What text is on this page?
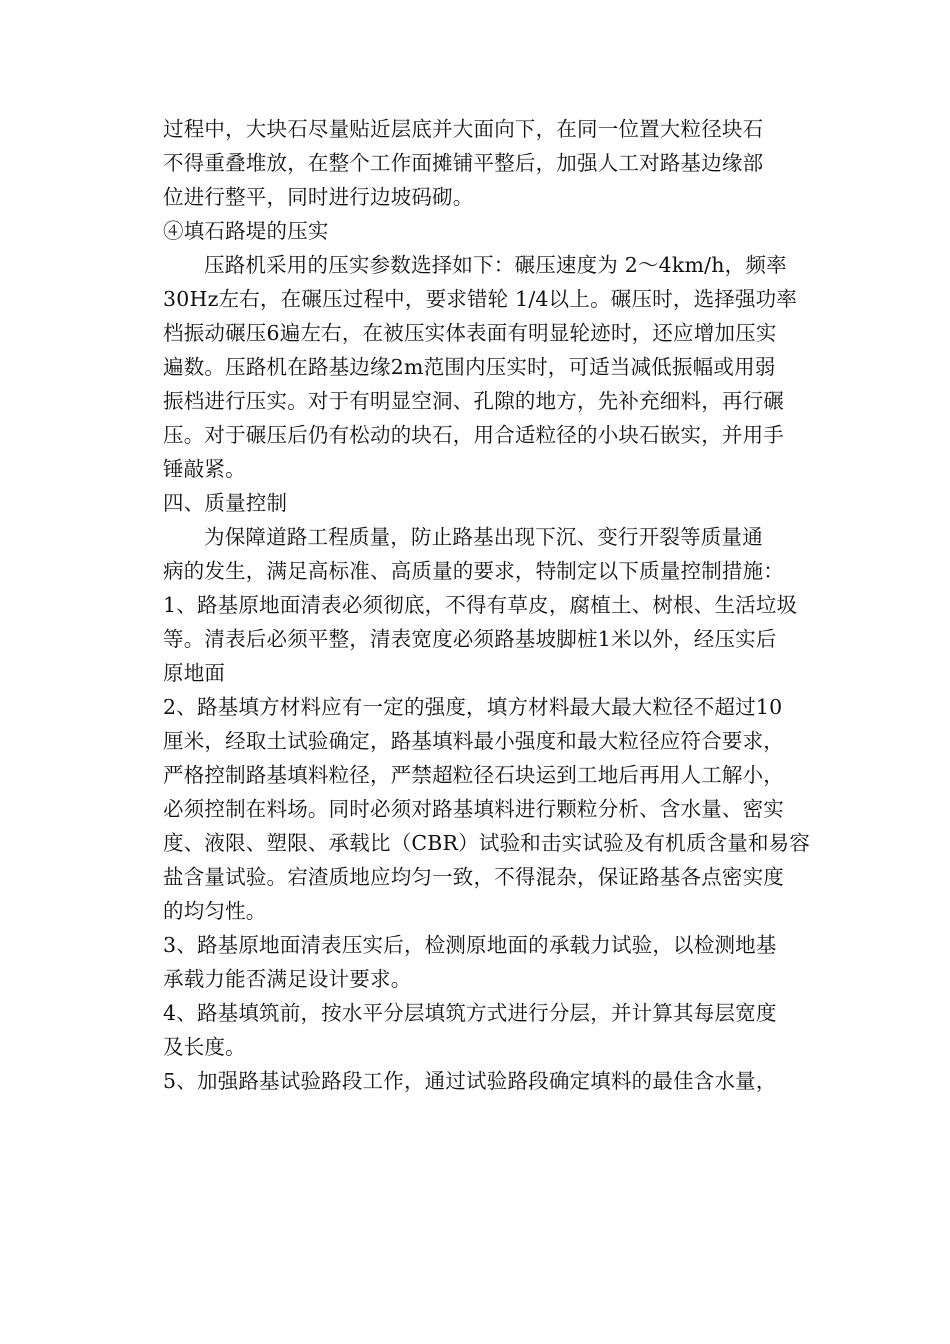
过程中，大块石尽量贴近层底并大面向下，在同一位置大粒径块石
不得重叠堆放，在整个工作面摊铺平整后，加强人工对路基边缘部
位进行整平，同时进行边坡码砌。
④填石路堤的压实
压路机采用的压实参数选择如下：碾压速度为 2～4km/h，频率
30Hz左右，在碾压过程中，要求错轮 1/4以上。碾压时，选择强功率
档振动碾压6遍左右，在被压实体表面有明显轮迹时，还应增加压实
遍数。压路机在路基边缘2m范围内压实时，可适当减低振幅或用弱
振档进行压实。对于有明显空洞、孔隙的地方，先补充细料，再行碾
压。对于碾压后仍有松动的块石，用合适粒径的小块石嵌实，并用手
锤敲紧。
四、质量控制
为保障道路工程质量，防止路基出现下沉、变行开裂等质量通
病的发生，满足高标准、高质量的要求，特制定以下质量控制措施：
1、路基原地面清表必须彻底，不得有草皮，腐植土、树根、生活垃圾
等。清表后必须平整，清表宽度必须路基坡脚桩1米以外，经压实后
原地面
2、路基填方材料应有一定的强度，填方材料最大最大粒径不超过10
厘米，经取土试验确定，路基填料最小强度和最大粒径应符合要求，
严格控制路基填料粒径，严禁超粒径石块运到工地后再用人工解小，
必须控制在料场。同时必须对路基填料进行颗粒分析、含水量、密实
度、液限、塑限、承载比（CBR）试验和击实试验及有机质含量和易容
盐含量试验。宕渣质地应均匀一致，不得混杂，保证路基各点密实度
的均匀性。
3、路基原地面清表压实后，检测原地面的承载力试验，以检测地基
承载力能否满足设计要求。
4、路基填筑前，按水平分层填筑方式进行分层，并计算其每层宽度
及长度。
5、加强路基试验路段工作，通过试验路段确定填料的最佳含水量，
